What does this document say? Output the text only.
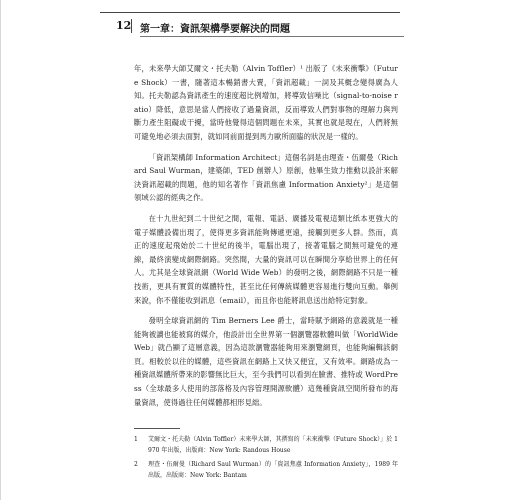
12 第一章：資訊架構學要解決的問題

年，未來學大師艾爾文・托夫勒（Alvin Toffler）¹ 出版了《未來衝擊》（Future Shock）一書，隨著這本暢銷書大賣，「資訊超載」一詞及其概念變得廣為人知。托夫勒認為資訊產生的速度超比例增加，將導致信噪比（signal-to-noise ratio）降低，意思是當人們接收了過量資訊，反而導致人們對事物的理解力與判斷力產生阻礙或干擾，當時他覺得這個問題在未來，其實也就是現在，人們將無可避免地必須去面對，就如同前面提到馬力歐所面臨的狀況是一樣的。

「資訊架構師 Information Architect」這個名詞是由理查・伍爾曼（Richard Saul Wurman，建築師，TED 創辦人）原創，他畢生致力推動以設計來解決資訊超載的問題，他的知名著作「資訊焦慮 Information Anxiety²」是這個領域公認的經典之作。

在十九世紀到二十世紀之間，電報、電話、廣播及電視這類比紙本更強大的電子媒體設備出現了，使得更多資訊能夠傳遞更遠，接觸到更多人群。然而，真正的速度起飛始於二十世紀的後半，電腦出現了，接著電腦之間無可避免的連線，最終演變成網際網路。突然間，大量的資訊可以在瞬間分享給世界上的任何人。尤其是全球資訊網（World Wide Web）的發明之後，網際網路不只是一種技術，更具有實質的媒體特性，甚至比任何傳統媒體更容易進行雙向互動。舉例來說，你不僅能收到訊息（email），而且你也能將訊息送出給特定對象。

發明全球資訊網的 Tim Berners Lee 爵士，當時賦予網路的意義就是一種能夠被讀也能被寫的媒介，他設計出全世界第一個瀏覽器軟體叫做「WorldWideWeb」就凸顯了這層意義，因為這款瀏覽器能夠用來瀏覽網頁，也能夠編輯該網頁。相較於以往的媒體，這些資訊在網路上又快又便宜，又有效率。網路成為一種資訊媒體所帶來的影響無比巨大，至今我們可以看到在臉書、推特或 WordPress（全球最多人使用的部落格及內容管理開源軟體）這幾種資訊空間所發布的海量資訊，使得過往任何媒體都相形見絀。

1	艾爾文・托夫勒（Alvin Toffler）未來學大師，其撰寫的「未來衝擊（Future Shock）」於 1970 年出版，出版商：New York: Randous House
2	理查・伍爾曼（Richard Saul Wurman）的「資訊焦慮 Information Anxiety」，1989 年出版，出版商：New York: Bantam
